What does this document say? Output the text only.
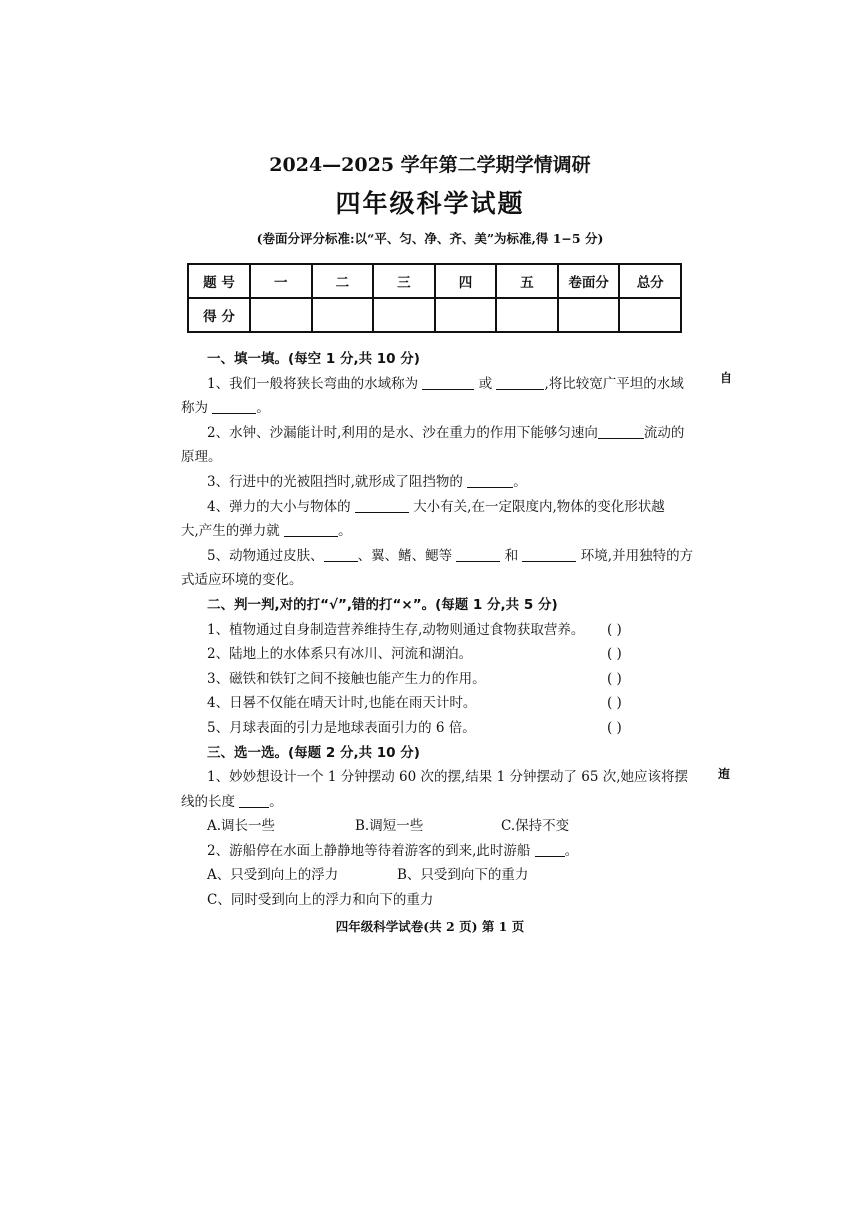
2024—2025 学年第二学期学情调研
四年级科学试题
(卷面分评分标准:以“平、匀、净、齐、美”为标准,得 1−5 分)
题 号	一	二	三	四	五	卷面分	总分
得 分							
自
迶
一、填一填。(每空 1 分,共 10 分)
1、我们一般将狭长弯曲的水域称为	或	,将比较宽广平坦的水域
称为	。
2、水钟、沙漏能计时,利用的是水、沙在重力的作用下能够匀速向	流动的
原理。
3、行进中的光被阻挡时,就形成了阻挡物的	。
4、弹力的大小与物体的	大小有关,在一定限度内,物体的变化形状越
大,产生的弹力就	。
5、动物通过皮肤、	、翼、鳍、鳃等	和	环境,并用独特的方
式适应环境的变化。
二、判一判,对的打“√”,错的打“×”。(每题 1 分,共 5 分)
1、植物通过自身制造营养维持生存,动物则通过食物获取营养。 ( )
2、陆地上的水体系只有冰川、河流和湖泊。	( )
3、磁铁和铁钉之间不接触也能产生力的作用。	( )
4、日晷不仅能在晴天计时,也能在雨天计时。	( )
5、月球表面的引力是地球表面引力的 6 倍。	( )
三、选一选。(每题 2 分,共 10 分)
1、妙妙想设计一个 1 分钟摆动 60 次的摆,结果 1 分钟摆动了 65 次,她应该将摆
线的长度	。
A.调长一些	B.调短一些	C.保持不变
2、游船停在水面上静静地等待着游客的到来,此时游船	。
A、只受到向上的浮力	B、只受到向下的重力
C、同时受到向上的浮力和向下的重力
四年级科学试卷(共 2 页) 第 1 页
